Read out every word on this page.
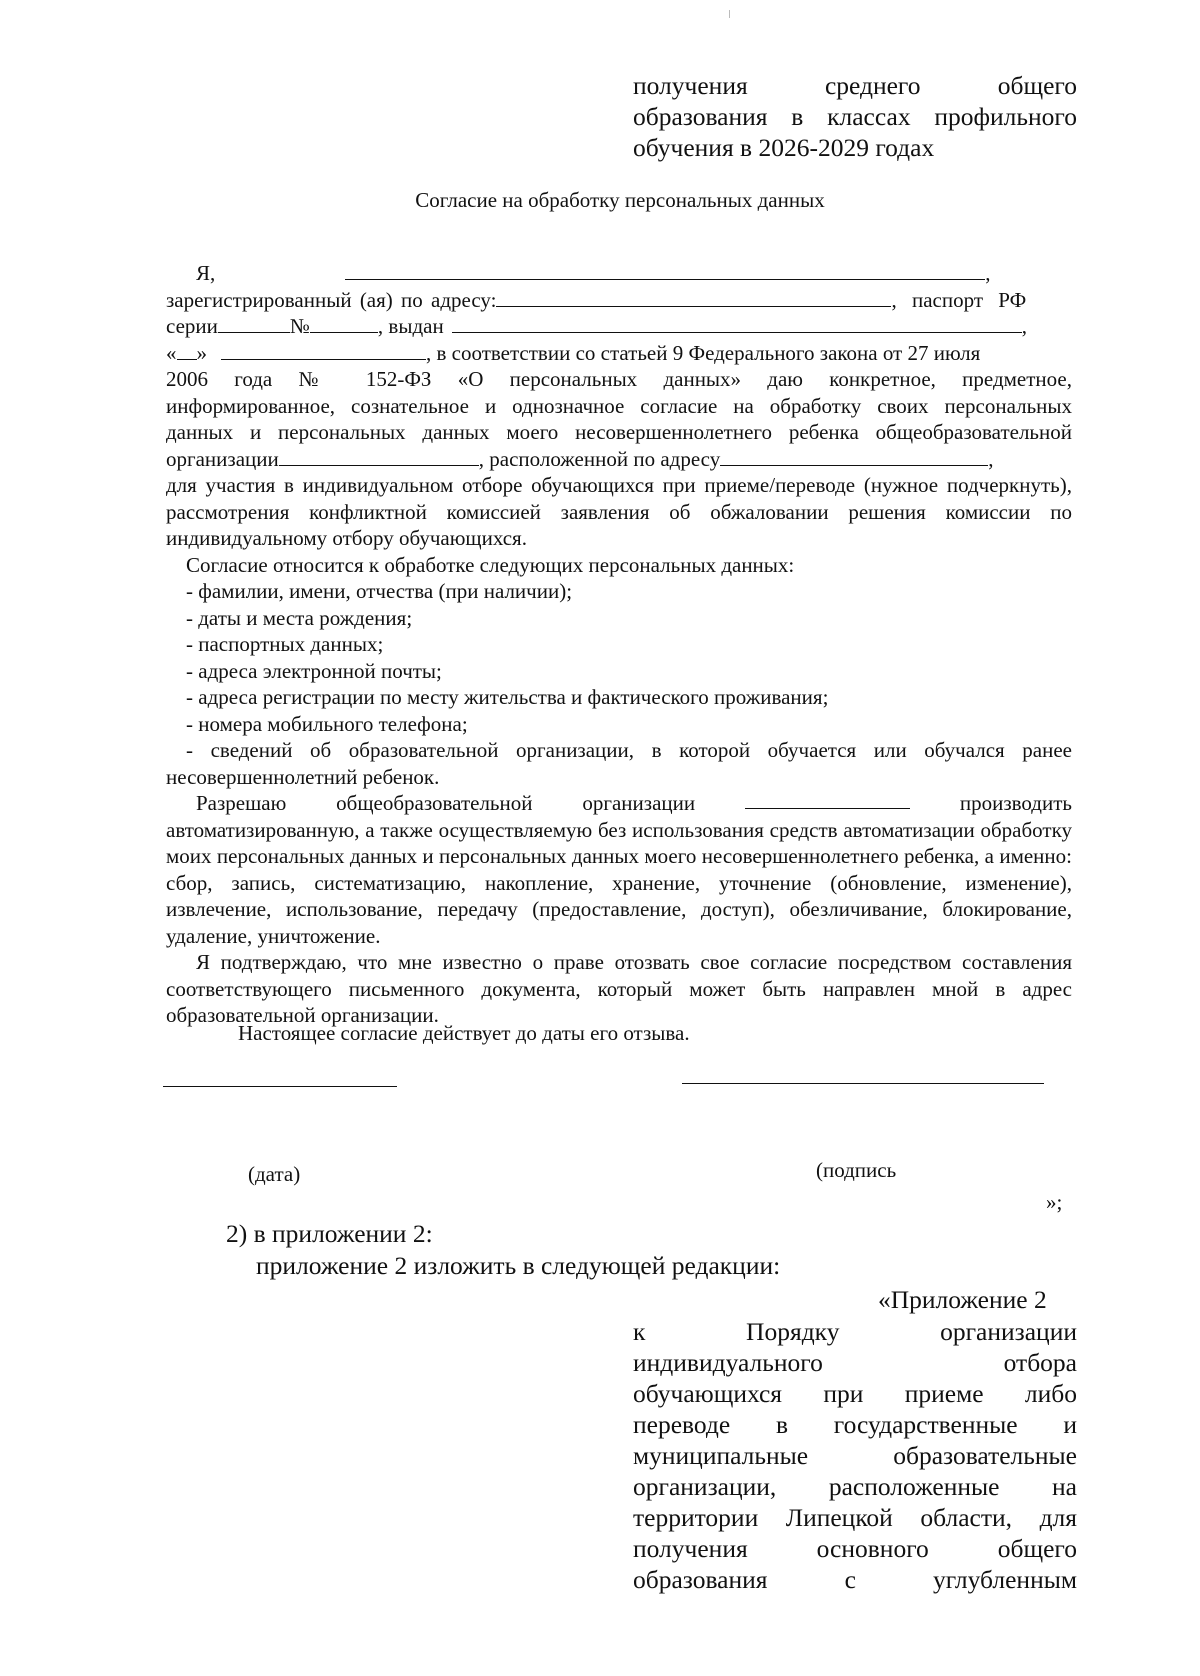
получения среднего общего
образования в классах профильного
обучения в 2026-2029 годах
Согласие на обработку персональных данных
Я,	,
зарегистрированный (ая) по адресу:	, паспорт РФ
серии	№	, выдан	,
« »	, в соответствии со статьей 9 Федерального закона от 27 июля
2006 года № 152-ФЗ «О персональных данных» даю конкретное, предметное,
информированное, сознательное и однозначное согласие на обработку своих персональных
данных и персональных данных моего несовершеннолетнего ребенка общеобразовательной
организации	, расположенной по адресу	,
для участия в индивидуальном отборе обучающихся при приеме/переводе (нужное подчеркнуть), рассмотрения конфликтной комиссией заявления об обжаловании решения комиссии по индивидуальному отбору обучающихся.
Согласие относится к обработке следующих персональных данных:
- фамилии, имени, отчества (при наличии);
- даты и места рождения;
- паспортных данных;
- адреса электронной почты;
- адреса регистрации по месту жительства и фактического проживания;
- номера мобильного телефона;
- сведений об образовательной организации, в которой обучается или обучался ранее несовершеннолетний ребенок.
Разрешаю общеобразовательной организации	производить
автоматизированную, а также осуществляемую без использования средств автоматизации обработку моих персональных данных и персональных данных моего несовершеннолетнего ребенка, а именно: сбор, запись, систематизацию, накопление, хранение, уточнение (обновление, изменение), извлечение, использование, передачу (предоставление, доступ), обезличивание, блокирование, удаление, уничтожение.
Я подтверждаю, что мне известно о праве отозвать свое согласие посредством составления соответствующего письменного документа, который может быть направлен мной в адрес образовательной организации.
Настоящее согласие действует до даты его отзыва.
(дата)	(подпись
»;
2) в приложении 2:
приложение 2 изложить в следующей редакции:
«Приложение 2
к Порядку организации
индивидуального отбора
обучающихся при приеме либо
переводе в государственные и
муниципальные образовательные
организации, расположенные на
территории Липецкой области, для
получения основного общего
образования с углубленным
